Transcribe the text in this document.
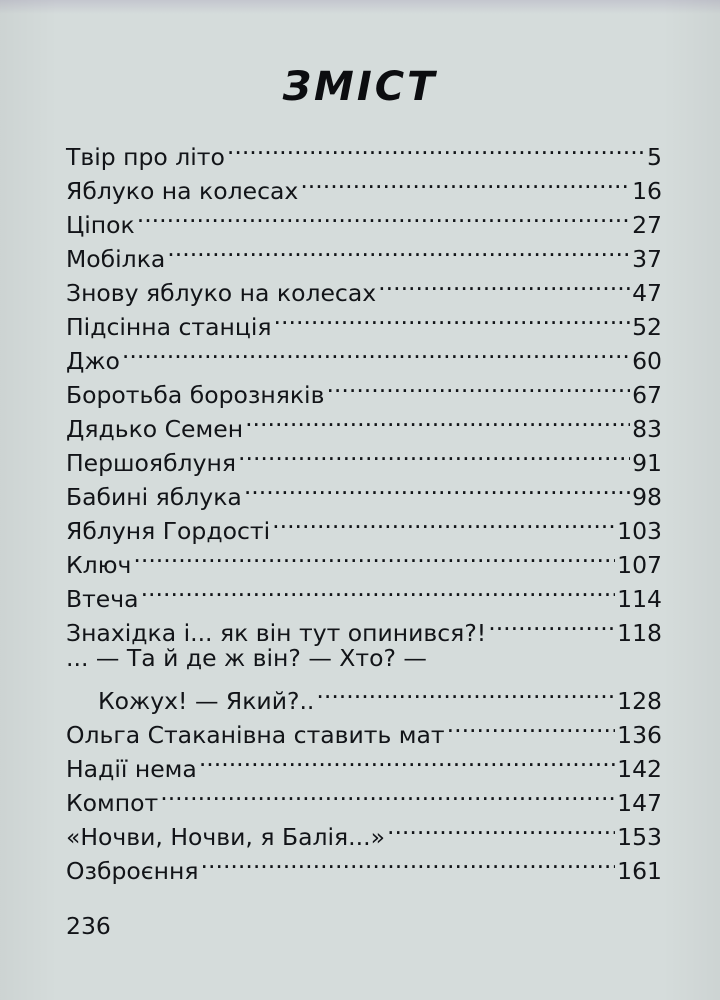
ЗМІСТ
Твір про літо .....	5
Яблуко на колесах .....	16
Ціпок .....	27
Мобілка .....	37
Знову яблуко на колесах .....	47
Підсінна станція .....	52
Джо .....	60
Боротьба борозняків .....	67
Дядько Семен .....	83
Першояблуня .....	91
Бабині яблука .....	98
Яблуня Гордості .....	103
Ключ .....	107
Втеча .....	114
Знахідка і... як він тут опинився?! .....	118
... — Та й де ж він? — Хто? —
Кожух! — Який?.. .....	128
Ольга Стаканівна ставить мат .....	136
Надії нема .....	142
Компот .....	147
«Ночви, Ночви, я Балія...» .....	153
Озброєння .....	161
236
